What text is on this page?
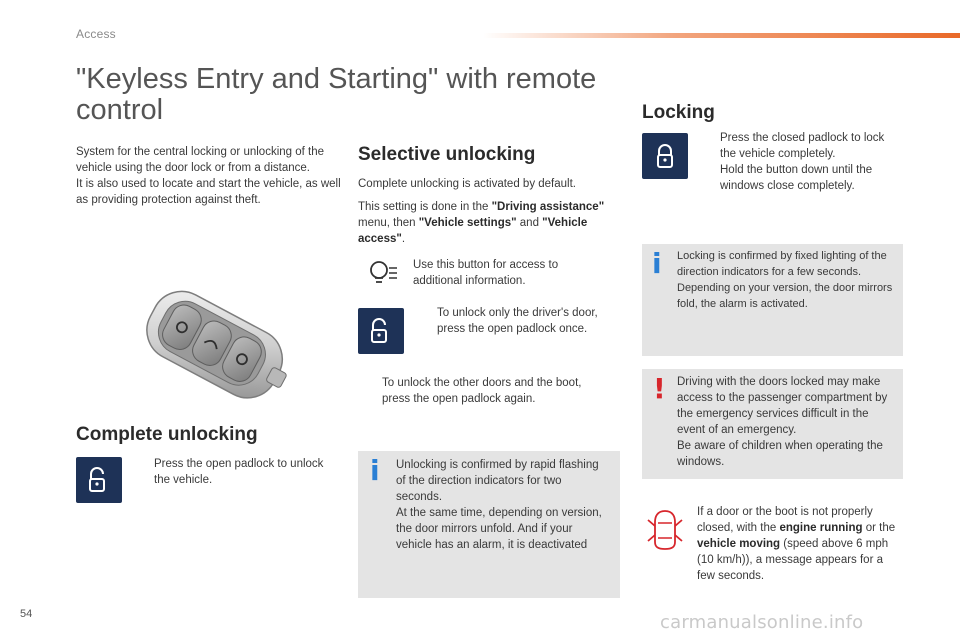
Access
"Keyless Entry and Starting" with remote
control

System for the central locking or unlocking of the vehicle using the door lock or from a distance.

It is also used to locate and start the vehicle, as well as providing protection against theft.

Complete unlocking
Press the open padlock to unlock the vehicle.
Selective unlocking

Complete unlocking is activated by default.

This setting is done in the "Driving assistance" menu, then "Vehicle settings" and "Vehicle access".

Use this button for access to additional information.
To unlock only the driver's door, press the open padlock once.
To unlock the other doors and the boot, press the open padlock again.
i Unlocking is confirmed by rapid flashing of the direction indicators for two seconds.
At the same time, depending on version, the door mirrors unfold. And if your vehicle has an alarm, it is deactivated
Locking
Press the closed padlock to lock the vehicle completely.
Hold the button down until the windows close completely.
i Locking is confirmed by fixed lighting of the direction indicators for a few seconds.

Depending on your version, the door mirrors fold, the alarm is activated.

! Driving with the doors locked may make access to the passenger compartment by the emergency services difficult in the event of an emergency.

Be aware of children when operating the windows.

If a door or the boot is not properly closed, with the engine running or the vehicle moving (speed above 6 mph (10 km/h)), a message appears for a few seconds.
54	carmanualsonline.info
